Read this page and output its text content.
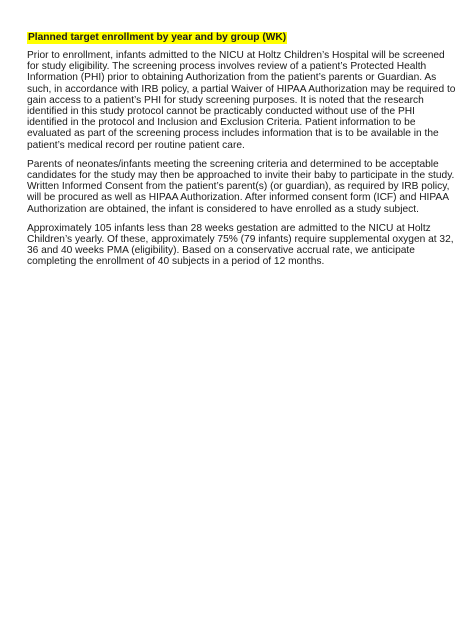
Planned target enrollment by year and by group (WK)

Prior to enrollment, infants admitted to the NICU at Holtz Children’s Hospital will be screened for study eligibility. The screening process involves review of a patient’s Protected Health Information (PHI) prior to obtaining Authorization from the patient’s parents or Guardian. As such, in accordance with IRB policy, a partial Waiver of HIPAA Authorization may be required to gain access to a patient’s PHI for study screening purposes. It is noted that the research identified in this study protocol cannot be practicably conducted without use of the PHI identified in the protocol and Inclusion and Exclusion Criteria. Patient information to be evaluated as part of the screening process includes information that is to be available in the patient’s medical record per routine patient care.

Parents of neonates/infants meeting the screening criteria and determined to be acceptable candidates for the study may then be approached to invite their baby to participate in the study. Written Informed Consent from the patient’s parent(s) (or guardian), as required by IRB policy, will be procured as well as HIPAA Authorization. After informed consent form (ICF) and HIPAA Authorization are obtained, the infant is considered to have enrolled as a study subject.

Approximately 105 infants less than 28 weeks gestation are admitted to the NICU at Holtz Children’s yearly. Of these, approximately 75% (79 infants) require supplemental oxygen at 32, 36 and 40 weeks PMA (eligibility). Based on a conservative accrual rate, we anticipate completing the enrollment of 40 subjects in a period of 12 months.
